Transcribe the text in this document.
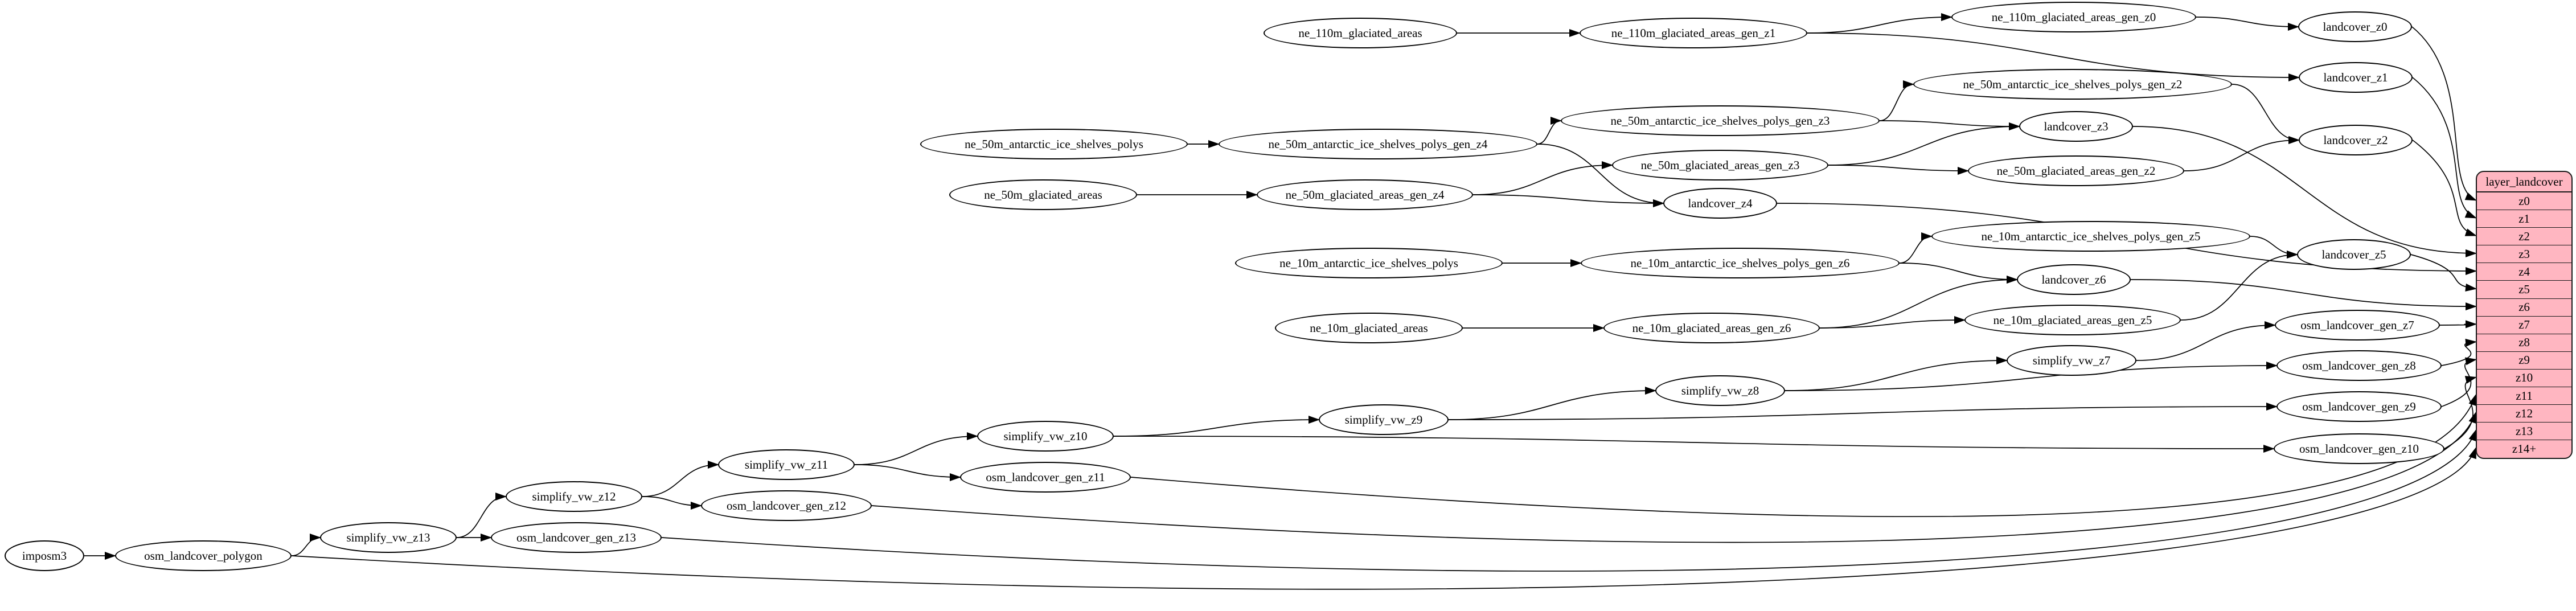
imposm3	osm_landcover_polygon
simplify_vw_z13	osm_landcover_gen_z13
simplify_vw_z12
osm_landcover_gen_z12
simplify_vw_z11
osm_landcover_gen_z11
simplify_vw_z10
simplify_vw_z9
simplify_vw_z8
simplify_vw_z7
osm_landcover_gen_z10
osm_landcover_gen_z9
osm_landcover_gen_z8
osm_landcover_gen_z7
ne_10m_glaciated_areas	ne_10m_glaciated_areas_gen_z6
ne_10m_glaciated_areas_gen_z5
ne_10m_antarctic_ice_shelves_polys	ne_10m_antarctic_ice_shelves_polys_gen_z6
ne_10m_antarctic_ice_shelves_polys_gen_z5
landcover_z6
landcover_z5
ne_50m_glaciated_areas	ne_50m_glaciated_areas_gen_z4
ne_50m_antarctic_ice_shelves_polys	ne_50m_antarctic_ice_shelves_polys_gen_z4
ne_50m_antarctic_ice_shelves_polys_gen_z3
ne_50m_glaciated_areas_gen_z3
landcover_z4
ne_50m_antarctic_ice_shelves_polys_gen_z2
ne_50m_glaciated_areas_gen_z2
landcover_z3
landcover_z2
ne_110m_glaciated_areas	ne_110m_glaciated_areas_gen_z1
ne_110m_glaciated_areas_gen_z0
landcover_z0
landcover_z1
layer_landcover
z0
z1
z2
z3
z4
z5
z6
z7
z8
z9
z10
z11
z12
z13
z14+
